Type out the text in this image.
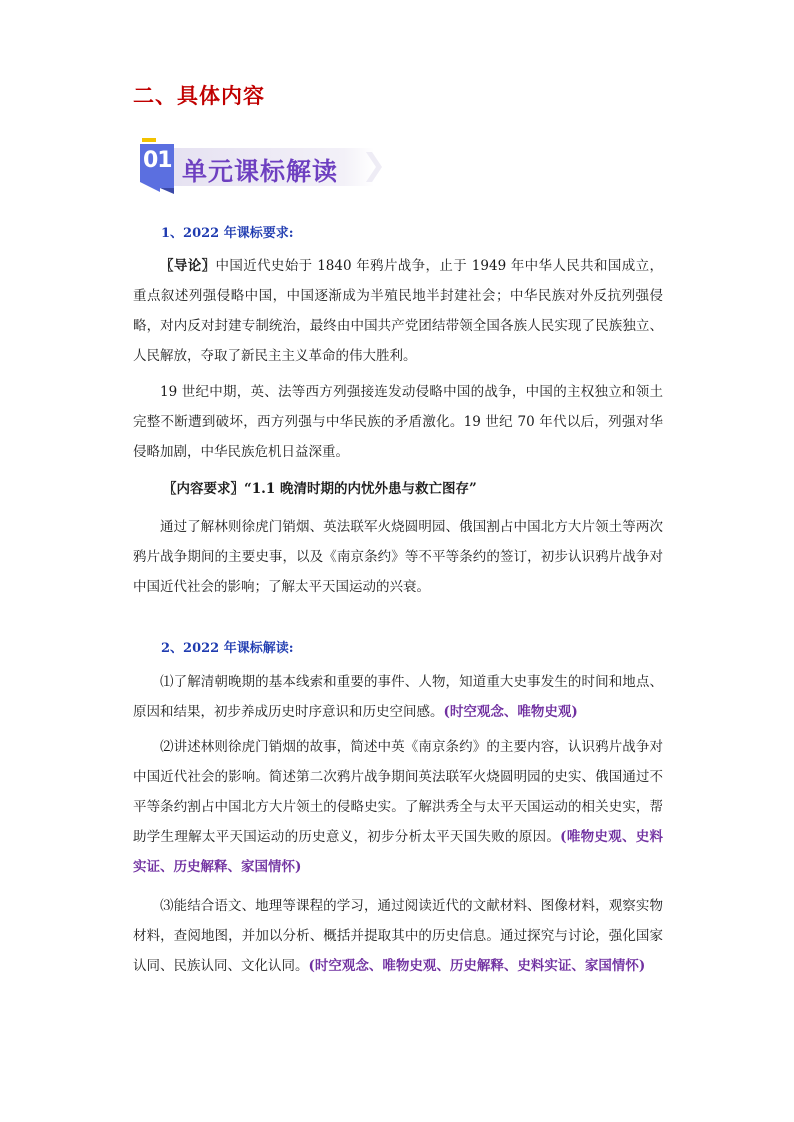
二、具体内容
01 单元课标解读
1、2022 年课标要求:

〖导论〗中国近代史始于 1840 年鸦片战争，止于 1949 年中华人民共和国成立，重点叙述列强侵略中国，中国逐渐成为半殖民地半封建社会；中华民族对外反抗列强侵略，对内反对封建专制统治，最终由中国共产党团结带领全国各族人民实现了民族独立、人民解放，夺取了新民主主义革命的伟大胜利。

19 世纪中期，英、法等西方列强接连发动侵略中国的战争，中国的主权独立和领土完整不断遭到破坏，西方列强与中华民族的矛盾激化。19 世纪 70 年代以后，列强对华侵略加剧，中华民族危机日益深重。

〖内容要求〗“1.1 晚清时期的内忧外患与救亡图存”

通过了解林则徐虎门销烟、英法联军火烧圆明园、俄国割占中国北方大片领土等两次鸦片战争期间的主要史事，以及《南京条约》等不平等条约的签订，初步认识鸦片战争对中国近代社会的影响；了解太平天国运动的兴衰。

2、2022 年课标解读:

⑴了解清朝晚期的基本线索和重要的事件、人物，知道重大史事发生的时间和地点、原因和结果，初步养成历史时序意识和历史空间感。(时空观念、唯物史观)

⑵讲述林则徐虎门销烟的故事，简述中英《南京条约》的主要内容，认识鸦片战争对中国近代社会的影响。简述第二次鸦片战争期间英法联军火烧圆明园的史实、俄国通过不平等条约割占中国北方大片领土的侵略史实。了解洪秀全与太平天国运动的相关史实，帮助学生理解太平天国运动的历史意义，初步分析太平天国失败的原因。(唯物史观、史料实证、历史解释、家国情怀)

⑶能结合语文、地理等课程的学习，通过阅读近代的文献材料、图像材料，观察实物材料，查阅地图，并加以分析、概括并提取其中的历史信息。通过探究与讨论，强化国家认同、民族认同、文化认同。(时空观念、唯物史观、历史解释、史料实证、家国情怀)
